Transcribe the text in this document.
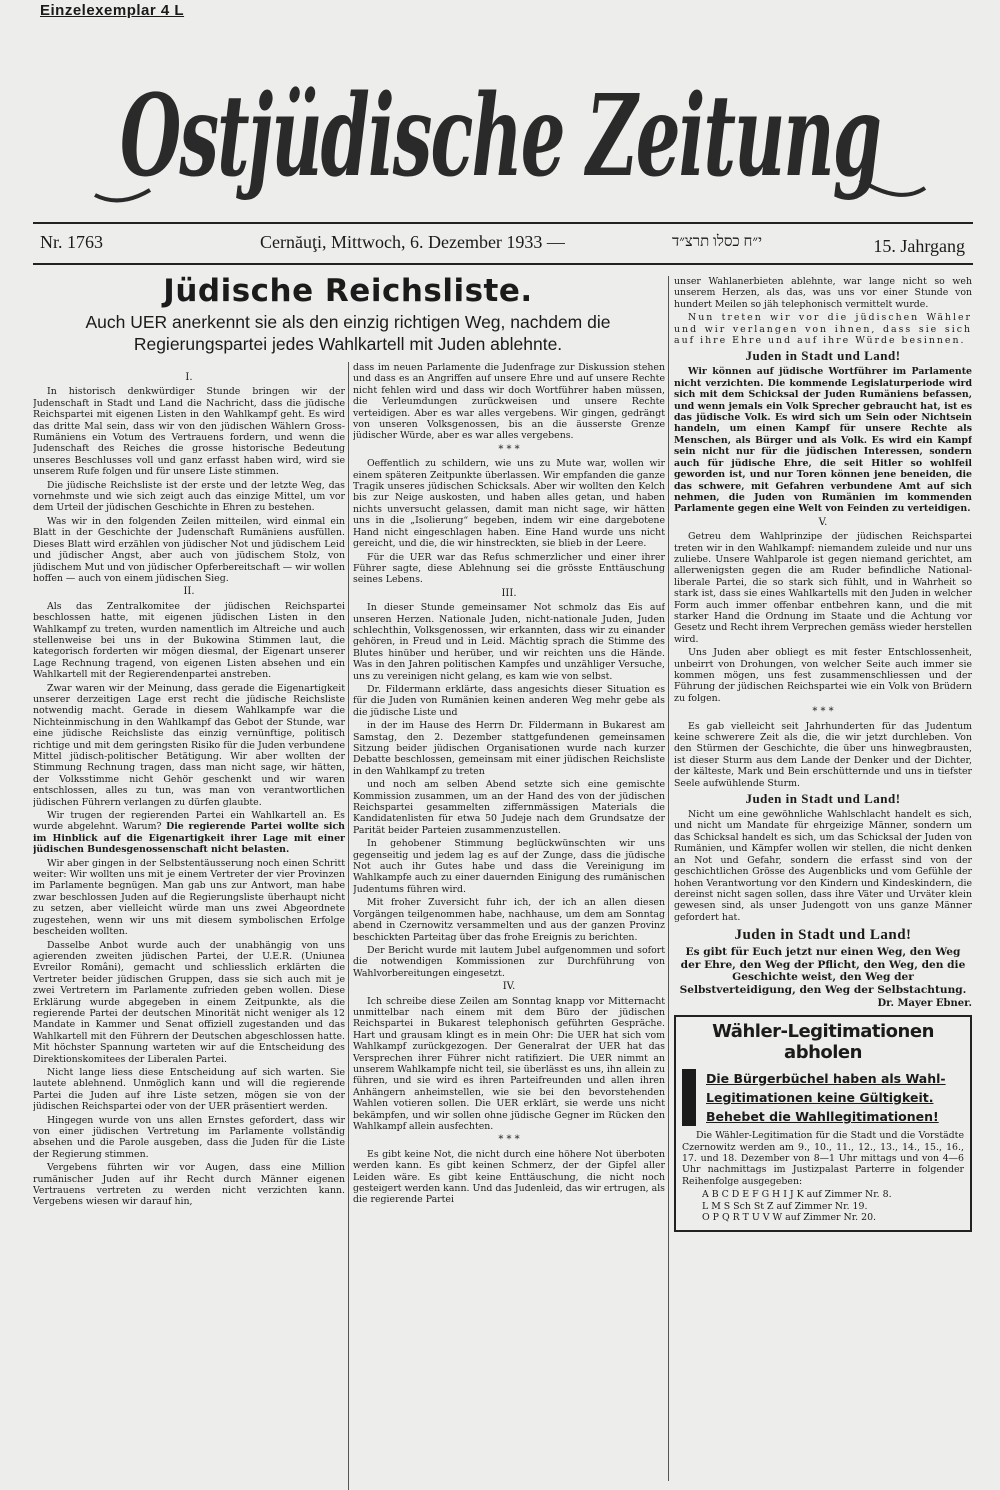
Einzelexemplar 4 L
Ostjüdische Zeitung
Nr. 1763	Cernăuţi, Mittwoch, 6. Dezember 1933 —	י״ח כסלו תרצ״ד	15. Jahrgang
Jüdische Reichsliste.
Auch UER anerkennt sie als den einzig richtigen Weg, nachdem die
Regierungspartei jedes Wahlkartell mit Juden ablehnte.

I.

In historisch denkwürdiger Stunde bringen wir der Judenschaft in Stadt und Land die Nachricht, dass die jüdische Reichspartei mit eigenen Listen in den Wahlkampf geht. Es wird das dritte Mal sein, dass wir von den jüdischen Wählern Gross-Rumäniens ein Votum des Vertrauens fordern, und wenn die Judenschaft des Reiches die grosse historische Bedeutung unseres Beschlusses voll und ganz erfasst haben wird, wird sie unserem Rufe folgen und für unsere Liste stimmen.

Die jüdische Reichsliste ist der erste und der letzte Weg, das vornehmste und wie sich zeigt auch das einzige Mittel, um vor dem Urteil der jüdischen Geschichte in Ehren zu bestehen.

Was wir in den folgenden Zeilen mitteilen, wird einmal ein Blatt in der Geschichte der Judenschaft Rumäniens ausfüllen. Dieses Blatt wird erzählen von jüdischer Not und jüdischem Leid und jüdischer Angst, aber auch von jüdischem Stolz, von jüdischem Mut und von jüdischer Opferbereitschaft — wir wollen hoffen — auch von einem jüdischen Sieg.

II.

Als das Zentralkomitee der jüdischen Reichspartei beschlossen hatte, mit eigenen jüdischen Listen in den Wahlkampf zu treten, wurden namentlich im Altreiche und auch stellenweise bei uns in der Bukowina Stimmen laut, die kategorisch forderten wir mögen diesmal, der Eigenart unserer Lage Rechnung tragend, von eigenen Listen absehen und ein Wahlkartell mit der Regierendenpartei anstreben.

Zwar waren wir der Meinung, dass gerade die Eigenartigkeit unserer derzeitigen Lage erst recht die jüdische Reichsliste notwendig macht. Gerade in diesem Wahlkampfe war die Nichteinmischung in den Wahlkampf das Gebot der Stunde, war eine jüdische Reichsliste das einzig vernünftige, politisch richtige und mit dem geringsten Risiko für die Juden verbundene Mittel jüdisch-politischer Betätigung. Wir aber wollten der Stimmung Rechnung tragen, dass man nicht sage, wir hätten, der Volksstimme nicht Gehör geschenkt und wir waren entschlossen, alles zu tun, was man von verantwortlichen jüdischen Führern verlangen zu dürfen glaubte.

Wir trugen der regierenden Partei ein Wahlkartell an. Es wurde abgelehnt. Warum? Die regierende Partei wollte sich im Hinblick auf die Eigenartigkeit ihrer Lage mit einer jüdischen Bundesgenossenschaft nicht belasten.

Wir aber gingen in der Selbstentäusserung noch einen Schritt weiter: Wir wollten uns mit je einem Vertreter der vier Provinzen im Parlamente begnügen. Man gab uns zur Antwort, man habe zwar beschlossen Juden auf die Regierungsliste überhaupt nicht zu setzen, aber vielleicht würde man uns zwei Abgeordnete zugestehen, wenn wir uns mit diesem symbolischen Erfolge bescheiden wollten.

Dasselbe Anbot wurde auch der unabhängig von uns agierenden zweiten jüdischen Partei, der U.E.R. (Uniunea Evreilor Români), gemacht und schliesslich erklärten die Vertreter beider jüdischen Gruppen, dass sie sich auch mit je zwei Vertretern im Parlamente zufrieden geben wollen. Diese Erklärung wurde abgegeben in einem Zeitpunkte, als die regierende Partei der deutschen Minorität nicht weniger als 12 Mandate in Kammer und Senat offiziell zugestanden und das Wahlkartell mit den Führern der Deutschen abgeschlossen hatte. Mit höchster Spannung warteten wir auf die Entscheidung des Direktionskomitees der Liberalen Partei.

Nicht lange liess diese Entscheidung auf sich warten. Sie lautete ablehnend. Unmöglich kann und will die regierende Partei die Juden auf ihre Liste setzen, mögen sie von der jüdischen Reichspartei oder von der UER präsentiert werden.

Hingegen wurde von uns allen Ernstes gefordert, dass wir von einer jüdischen Vertretung im Parlamente vollständig absehen und die Parole ausgeben, dass die Juden für die Liste der Regierung stimmen.

Vergebens führten wir vor Augen, dass eine Million rumänischer Juden auf ihr Recht durch Männer eigenen Vertrauens vertreten zu werden nicht verzichten kann. Vergebens wiesen wir darauf hin,

dass im neuen Parlamente die Judenfrage zur Diskussion stehen und dass es an Angriffen auf unsere Ehre und auf unsere Rechte nicht fehlen wird und dass wir doch Wortführer haben müssen, die Verleumdungen zurückweisen und unsere Rechte verteidigen. Aber es war alles vergebens. Wir gingen, gedrängt von unseren Volksgenossen, bis an die äusserste Grenze jüdischer Würde, aber es war alles vergebens.

* * *

Oeffentlich zu schildern, wie uns zu Mute war, wollen wir einem späteren Zeitpunkte überlassen. Wir empfanden die ganze Tragik unseres jüdischen Schicksals. Aber wir wollten den Kelch bis zur Neige auskosten, und haben alles getan, und haben nichts unversucht gelassen, damit man nicht sage, wir hätten uns in die „Isolierung“ begeben, indem wir eine dargebotene Hand nicht eingeschlagen haben. Eine Hand wurde uns nicht gereicht, und die, die wir hinstreckten, sie blieb in der Leere.

Für die UER war das Refus schmerzlicher und einer ihrer Führer sagte, diese Ablehnung sei die grösste Enttäuschung seines Lebens.

III.

In dieser Stunde gemeinsamer Not schmolz das Eis auf unseren Herzen. Nationale Juden, nicht-nationale Juden, Juden schlechthin, Volksgenossen, wir erkannten, dass wir zu einander gehören, in Freud und in Leid. Mächtig sprach die Stimme des Blutes hinüber und herüber, und wir reichten uns die Hände. Was in den Jahren politischen Kampfes und unzähliger Versuche, uns zu vereinigen nicht gelang, es kam wie von selbst.

Dr. Fildermann erklärte, dass angesichts dieser Situation es für die Juden von Rumänien keinen anderen Weg mehr gebe als die jüdische Liste und

in der im Hause des Herrn Dr. Fildermann in Bukarest am Samstag, den 2. Dezember stattgefundenen gemeinsamen Sitzung beider jüdischen Organisationen wurde nach kurzer Debatte beschlossen, gemeinsam mit einer jüdischen Reichsliste in den Wahlkampf zu treten

und noch am selben Abend setzte sich eine gemischte Kommission zusammen, um an der Hand des von der jüdischen Reichspartei gesammelten ziffernmässigen Materials die Kandidatenlisten für etwa 50 Judeje nach dem Grundsatze der Parität beider Parteien zusammenzustellen.

In gehobener Stimmung beglückwünschten wir uns gegenseitig und jedem lag es auf der Zunge, dass die jüdische Not auch ihr Gutes habe und dass die Vereinigung im Wahlkampfe auch zu einer dauernden Einigung des rumänischen Judentums führen wird.

Mit froher Zuversicht fuhr ich, der ich an allen diesen Vorgängen teilgenommen habe, nachhause, um dem am Sonntag abend in Czernowitz versammelten und aus der ganzen Provinz beschickten Parteitag über das frohe Ereignis zu berichten.

Der Bericht wurde mit lautem Jubel aufgenommen und sofort die notwendigen Kommissionen zur Durchführung von Wahlvorbereitungen eingesetzt.

IV.

Ich schreibe diese Zeilen am Sonntag knapp vor Mitternacht unmittelbar nach einem mit dem Büro der jüdischen Reichspartei in Bukarest telephonisch geführten Gespräche. Hart und grausam klingt es in mein Ohr: Die UER hat sich vom Wahlkampf zurückgezogen. Der Generalrat der UER hat das Versprechen ihrer Führer nicht ratifiziert. Die UER nimmt an unserem Wahlkampfe nicht teil, sie überlässt es uns, ihn allein zu führen, und sie wird es ihren Parteifreunden und allen ihren Anhängern anheimstellen, wie sie bei den bevorstehenden Wahlen votieren sollen. Die UER erklärt, sie werde uns nicht bekämpfen, und wir sollen ohne jüdische Gegner im Rücken den Wahlkampf allein ausfechten.

* * *

Es gibt keine Not, die nicht durch eine höhere Not überboten werden kann. Es gibt keinen Schmerz, der der Gipfel aller Leiden wäre. Es gibt keine Enttäuschung, die nicht noch gesteigert werden kann. Und das Judenleid, das wir ertrugen, als die regierende Partei

unser Wahlanerbieten ablehnte, war lange nicht so weh unserem Herzen, als das, was uns vor einer Stunde von hundert Meilen so jäh telephonisch vermittelt wurde.

Nun treten wir vor die jüdischen Wähler und wir verlangen von ihnen, dass sie sich auf ihre Ehre und auf ihre Würde besinnen.

Juden in Stadt und Land!

Wir können auf jüdische Wortführer im Parlamente nicht verzichten. Die kommende Legislaturperiode wird sich mit dem Schicksal der Juden Rumäniens befassen, und wenn jemals ein Volk Sprecher gebraucht hat, ist es das jüdische Volk. Es wird sich um Sein oder Nichtsein handeln, um einen Kampf für unsere Rechte als Menschen, als Bürger und als Volk. Es wird ein Kampf sein nicht nur für die jüdischen Interessen, sondern auch für jüdische Ehre, die seit Hitler so wohlfeil geworden ist, und nur Toren können jene beneiden, die das schwere, mit Gefahren verbundene Amt auf sich nehmen, die Juden von Rumänien im kommenden Parlamente gegen eine Welt von Feinden zu verteidigen.

V.

Getreu dem Wahlprinzipe der jüdischen Reichspartei treten wir in den Wahlkampf: niemandem zuleide und nur uns zuliebe. Unsere Wahlparole ist gegen niemand gerichtet, am allerwenigsten gegen die am Ruder befindliche National-liberale Partei, die so stark sich fühlt, und in Wahrheit so stark ist, dass sie eines Wahlkartells mit den Juden in welcher Form auch immer offenbar entbehren kann, und die mit starker Hand die Ordnung im Staate und die Achtung vor Gesetz und Recht ihrem Verprechen gemäss wieder herstellen wird.

Uns Juden aber obliegt es mit fester Entschlossenheit, unbeirrt von Drohungen, von welcher Seite auch immer sie kommen mögen, uns fest zusammenschliessen und der Führung der jüdischen Reichspartei wie ein Volk von Brüdern zu folgen.

* * *

Es gab vielleicht seit Jahrhunderten für das Judentum keine schwerere Zeit als die, die wir jetzt durchleben. Von den Stürmen der Geschichte, die über uns hinwegbrausten, ist dieser Sturm aus dem Lande der Denker und der Dichter, der kälteste, Mark und Bein erschütternde und uns in tiefster Seele aufwühlende Sturm.

Juden in Stadt und Land!

Nicht um eine gewöhnliche Wahlschlacht handelt es sich, und nicht um Mandate für ehrgeizige Männer, sondern um das Schicksal handelt es sich, um das Schicksal der Juden von Rumänien, und Kämpfer wollen wir stellen, die nicht denken an Not und Gefahr, sondern die erfasst sind von der geschichtlichen Grösse des Augenblicks und vom Gefühle der hohen Verantwortung vor den Kindern und Kindeskindern, die dereinst nicht sagen sollen, dass ihre Väter und Urväter klein gewesen sind, als unser Judengott von uns ganze Männer gefordert hat.

Juden in Stadt und Land!

Es gibt für Euch jetzt nur einen Weg, den Weg der Ehre, den Weg der Pflicht, den Weg, den die Geschichte weist, den Weg der Selbstverteidigung, den Weg der Selbstachtung.

Dr. Mayer Ebner.
Wähler-Legitimationen abholen
Die Bürgerbüchel haben als Wahl-
Legitimationen keine Gültigkeit.
Behebet die Wahllegitimationen!

Die Wähler-Legitimation für die Stadt und die Vorstädte Czernowitz werden am 9., 10., 11., 12., 13., 14., 15., 16., 17. und 18. Dezember von 8—1 Uhr mittags und von 4—6 Uhr nachmittags im Justizpalast Parterre in folgender Reihenfolge ausgegeben:

A B C D E F G H I J K auf Zimmer Nr. 8.
L M S Sch St Z auf Zimmer Nr. 19.
O P Q R T U V W auf Zimmer Nr. 20.
